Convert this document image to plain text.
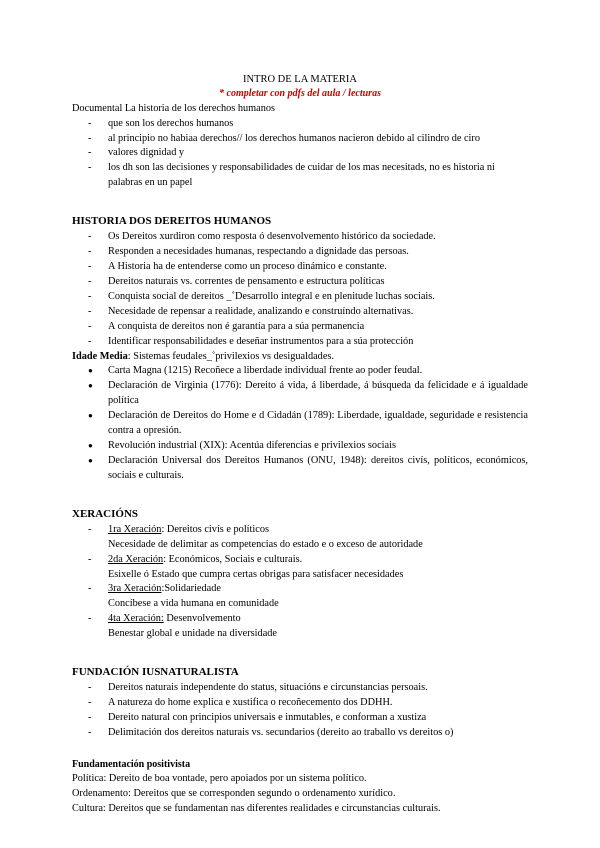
INTRO DE LA MATERIA

* completar con pdfs del aula / lecturas

Documental La historia de los derechos humanos

- que son los derechos humanos
- al principio no habiaa derechos// los derechos humanos nacieron debido al cilindro de ciro
- valores dignidad y
- los dh son las decisiones y responsabilidades de cuidar de los mas necesitads, no es historia ni palabras en un papel

HISTORIA DOS DEREITOS HUMANOS

- Os Dereitos xurdiron como resposta ó desenvolvemento histórico da sociedade.
- Responden a necesidades humanas, respectando a dignidade das persoas.
- A Historia ha de entenderse como un proceso dinámico e constante.
- Dereitos naturais vs. correntes de pensamento e estructura políticas
- Conquista social de dereitos _˚Desarrollo integral e en plenitude luchas sociais.
- Necesidade de repensar a realidade, analizando e construíndo alternativas.
- A conquista de dereitos non é garantía para a súa permanencia
- Identificar responsabilidades e deseñar instrumentos para a súa protección

Idade Media: Sistemas feudales_˚privilexios vs desigualdades.

● Carta Magna (1215) Recoñece a liberdade individual frente ao poder feudal.
● Declaración de Virginia (1776): Dereito á vida, á liberdade, á búsqueda da felicidade e á igualdade política
● Declaración de Dereitos do Home e d Cidadán (1789): Liberdade, igualdade, seguridade e resistencia contra a opresión.
● Revolución industrial (XIX): Acentúa diferencias e privilexios sociais
● Declaración Universal dos Dereitos Humanos (ONU, 1948): dereitos civís, políticos, económicos, sociais e culturais.

XERACIÓNS

- 1ra Xeración: Dereitos civís e políticos
Necesidade de delimitar as competencias do estado e o exceso de autoridade
- 2da Xeración: Económicos, Sociais e culturais.
Esixelle ó Estado que cumpra certas obrigas para satisfacer necesidades
- 3ra Xeración:Solidariedade
Concíbese a vida humana en comunidade
- 4ta Xeración: Desenvolvemento
Benestar global e unidade na diversidade

FUNDACIÓN IUSNATURALISTA

- Dereitos naturais independente do status, situacións e circunstancias persoais.
- A natureza do home explica e xustifica o recoñecemento dos DDHH.
- Dereito natural con principios universais e inmutables, e conforman a xustiza
- Delimitación dos dereitos naturais vs. secundarios (dereito ao traballo vs dereitos o)

Fundamentación positivista

Política: Dereito de boa vontade, pero apoiados por un sistema político.

Ordenamento: Dereitos que se corresponden segundo o ordenamento xurídico.

Cultura: Dereitos que se fundamentan nas diferentes realidades e circunstancias culturais.
